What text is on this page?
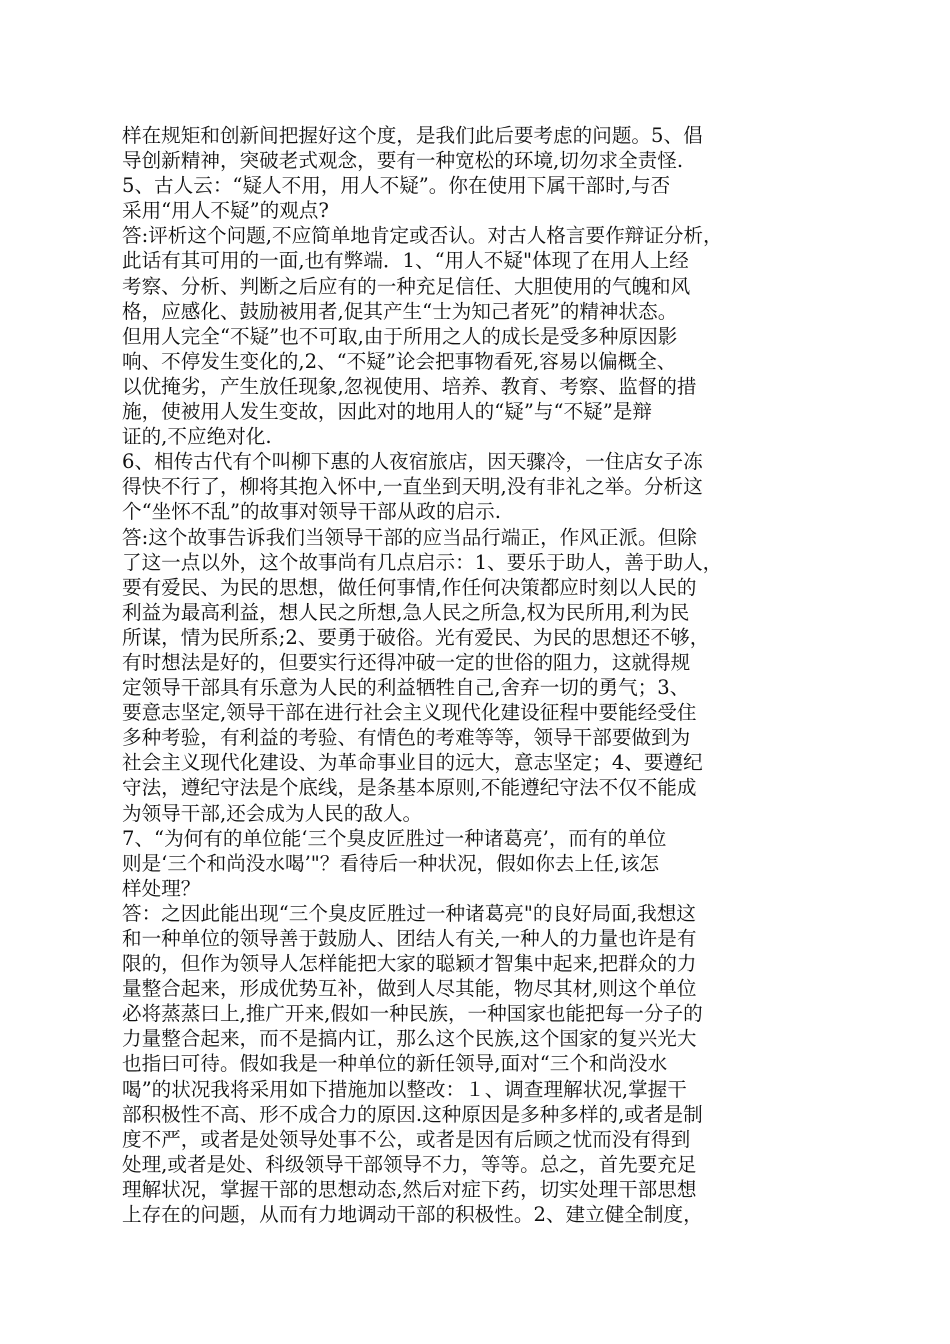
样在规矩和创新间把握好这个度，是我们此后要考虑的问题。5、倡
导创新精神，突破老式观念，要有一种宽松的环境,切勿求全责怪.
5、古人云：“疑人不用，用人不疑”。你在使用下属干部时,与否
采用“用人不疑”的观点?
答:评析这个问题,不应简单地肯定或否认。对古人格言要作辩证分析，
此话有其可用的一面,也有弊端．1、“用人不疑"体现了在用人上经
考察、分析、判断之后应有的一种充足信任、大胆使用的气魄和风
格，应感化、鼓励被用者,促其产生“士为知己者死”的精神状态。
但用人完全“不疑”也不可取,由于所用之人的成长是受多种原因影
响、不停发生变化的,2、“不疑”论会把事物看死,容易以偏概全、
以优掩劣，产生放任现象,忽视使用、培养、教育、考察、监督的措
施，使被用人发生变故，因此对的地用人的“疑”与“不疑”是辩
证的,不应绝对化.
6、相传古代有个叫柳下惠的人夜宿旅店，因天骤冷，一住店女子冻
得快不行了，柳将其抱入怀中,一直坐到天明,没有非礼之举。分析这
个“坐怀不乱”的故事对领导干部从政的启示.
答:这个故事告诉我们当领导干部的应当品行端正，作风正派。但除
了这一点以外，这个故事尚有几点启示：1、要乐于助人，善于助人，
要有爱民、为民的思想，做任何事情,作任何决策都应时刻以人民的
利益为最高利益，想人民之所想,急人民之所急,权为民所用,利为民
所谋，情为民所系;2、要勇于破俗。光有爱民、为民的思想还不够，
有时想法是好的，但要实行还得冲破一定的世俗的阻力，这就得规
定领导干部具有乐意为人民的利益牺牲自己,舍弃一切的勇气；3、
要意志坚定,领导干部在进行社会主义现代化建设征程中要能经受住
多种考验，有利益的考验、有情色的考难等等，领导干部要做到为
社会主义现代化建设、为革命事业目的远大，意志坚定；4、要遵纪
守法，遵纪守法是个底线，是条基本原则,不能遵纪守法不仅不能成
为领导干部,还会成为人民的敌人。
7、“为何有的单位能‘三个臭皮匠胜过一种诸葛亮’，而有的单位
则是‘三个和尚没水喝’"？看待后一种状况，假如你去上任,该怎
样处理？
答：之因此能出现“三个臭皮匠胜过一种诸葛亮"的良好局面,我想这
和一种单位的领导善于鼓励人、团结人有关,一种人的力量也许是有
限的，但作为领导人怎样能把大家的聪颖才智集中起来,把群众的力
量整合起来，形成优势互补，做到人尽其能，物尽其材,则这个单位
必将蒸蒸曰上,推广开来,假如一种民族，一种国家也能把每一分子的
力量整合起来，而不是搞内讧，那么这个民族,这个国家的复兴光大
也指曰可待。假如我是一种单位的新任领导,面对“三个和尚没水
喝”的状况我将采用如下措施加以整改：１、调查理解状况,掌握干
部积极性不高、形不成合力的原因.这种原因是多种多样的,或者是制
度不严，或者是处领导处事不公，或者是因有后顾之忧而没有得到
处理,或者是处、科级领导干部领导不力，等等。总之，首先要充足
理解状况，掌握干部的思想动态,然后对症下药，切实处理干部思想
上存在的问题，从而有力地调动干部的积极性。2、建立健全制度，
